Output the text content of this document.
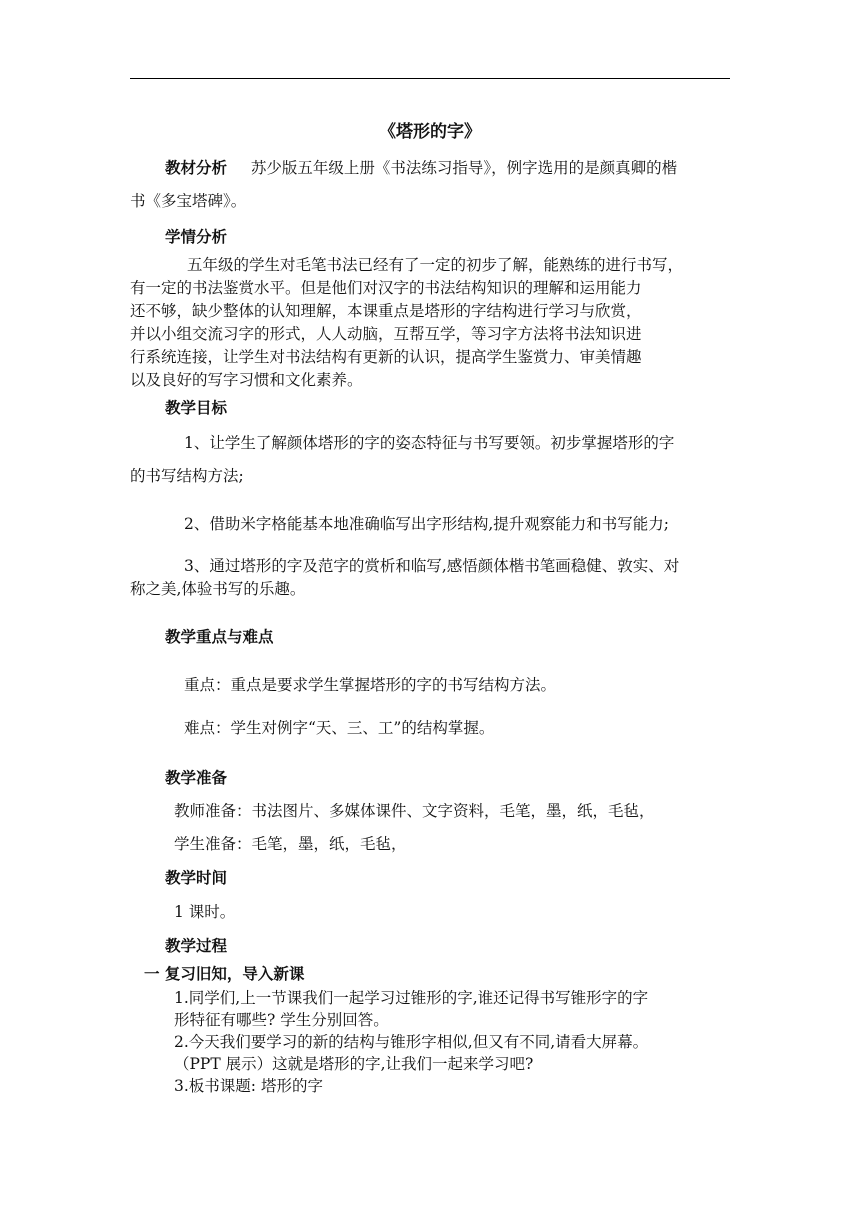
《塔形的字》
教材分析 苏少版五年级上册《书法练习指导》，例字选用的是颜真卿的楷
书《多宝塔碑》。
学情分析
五年级的学生对毛笔书法已经有了一定的初步了解，能熟练的进行书写，
有一定的书法鉴赏水平。但是他们对汉字的书法结构知识的理解和运用能力
还不够，缺少整体的认知理解，本课重点是塔形的字结构进行学习与欣赏，
并以小组交流习字的形式，人人动脑，互帮互学，等习字方法将书法知识进
行系统连接，让学生对书法结构有更新的认识，提高学生鉴赏力、审美情趣
以及良好的写字习惯和文化素养。
教学目标
1、让学生了解颜体塔形的字的姿态特征与书写要领。初步掌握塔形的字
的书写结构方法;
2、借助米字格能基本地准确临写出字形结构,提升观察能力和书写能力;
3、通过塔形的字及范字的赏析和临写,感悟颜体楷书笔画稳健、敦实、对
称之美,体验书写的乐趣。
教学重点与难点
重点：重点是要求学生掌握塔形的字的书写结构方法。
难点：学生对例字“天、三、工”的结构掌握。
教学准备
教师准备：书法图片、多媒体课件、文字资料，毛笔，墨，纸，毛毡，
学生准备：毛笔，墨，纸，毛毡，
教学时间
1 课时。
教学过程
一 复习旧知，导入新课
1.同学们,上一节课我们一起学习过锥形的字,谁还记得书写锥形字的字
形特征有哪些? 学生分别回答。
2.今天我们要学习的新的结构与锥形字相似,但又有不同,请看大屏幕。
（PPT 展示）这就是塔形的字,让我们一起来学习吧?
3.板书课题: 塔形的字
